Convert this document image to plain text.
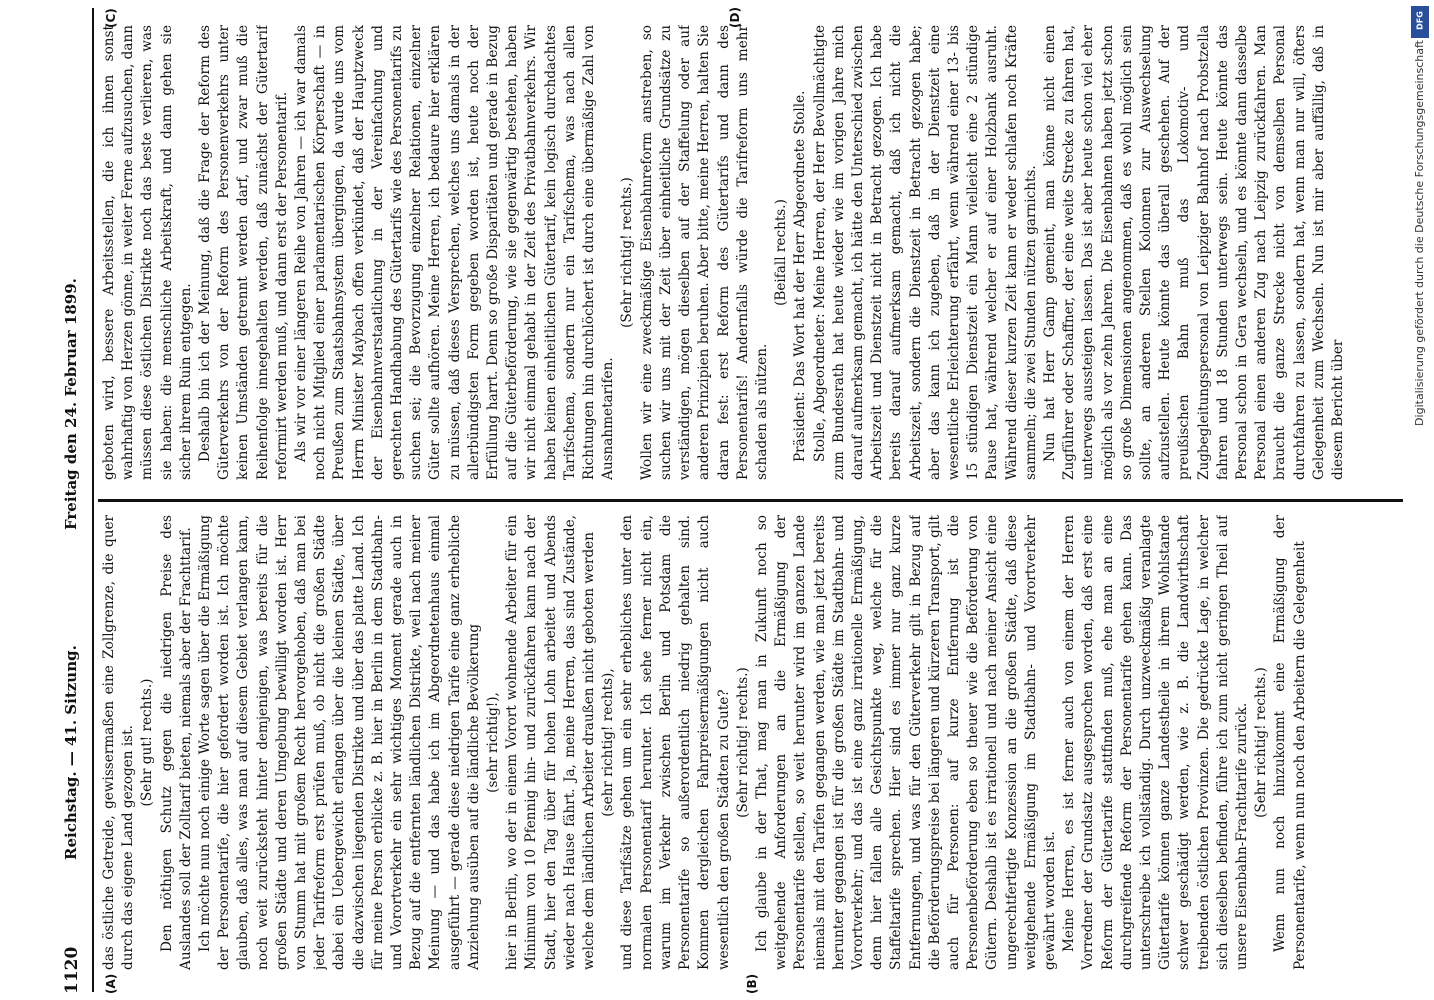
1120
Reichstag. — 41. Sitzung.
Freitag den 24. Februar 1899.
(A)	(B)
(C)	(D)

das östliche Getreide, gewissermaßen eine Zollgrenze, die quer durch das eigene Land gezogen ist. (Sehr gut! rechts.) Den nöthigen Schutz gegen die niedrigen Preise des Auslandes soll der Zolltarif bieten, niemals aber der Frachttarif. Ich möchte nun noch einige Worte sagen über die Ermäßigung der Personentarife, die hier gefordert worden ist. Ich möchte glauben, daß alles, was man auf diesem Gebiet verlangen kann, noch weit zurücksteht hinter demjenigen, was bereits für die großen Städte und deren Umgebung bewilligt worden ist. Herr von Stumm hat mit großem Recht hervorgehoben, daß man bei jeder Tarifreform erst prüfen muß, ob nicht die großen Städte dabei ein Uebergewicht erlangen über die kleinen Städte, über die dazwischen liegenden Distrikte und über das platte Land. Ich für meine Person erblicke z. B. hier in Berlin in dem Stadtbahn- und Vorortverkehr ein sehr wichtiges Moment gerade auch in Bezug auf die entfernten ländlichen Distrikte, weil nach meiner Meinung — und das habe ich im Abgeordnetenhaus einmal ausgeführt — gerade diese niedrigen Tarife eine ganz erhebliche Anziehung ausüben auf die ländliche Bevölkerung (sehr richtig!), hier in Berlin, wo der in einem Vorort wohnende Arbeiter für ein Minimum von 10 Pfennig hin- und zurückfahren kann nach der Stadt, hier den Tag über für hohen Lohn arbeitet und Abends wieder nach Hause fährt. Ja, meine Herren, das sind Zustände, welche dem ländlichen Arbeiter draußen nicht geboten werden (sehr richtig! rechts), und diese Tarifsätze gehen um ein sehr erhebliches unter den normalen Personentarif herunter. Ich sehe ferner nicht ein, warum im Verkehr zwischen Berlin und Potsdam die Personentarife so außerordentlich niedrig gehalten sind. Kommen dergleichen Fahrpreisermäßigungen nicht auch wesentlich den großen Städten zu Gute? (Sehr richtig! rechts.) Ich glaube in der That, mag man in Zukunft noch so weitgehende Anforderungen an die Ermäßigung der Personentarife stellen, so weit herunter wird im ganzen Lande niemals mit den Tarifen gegangen werden, wie man jetzt bereits herunter gegangen ist für die großen Städte im Stadtbahn- und Vorortverkehr; und das ist eine ganz irrationelle Ermäßigung, denn hier fallen alle Gesichtspunkte weg, welche für die Staffeltarife sprechen. Hier sind es immer nur ganz kurze Entfernungen, und was für den Güterverkehr gilt in Bezug auf die Beförderungspreise bei längeren und kürzeren Transport, gilt auch für Personen: auf kurze Entfernung ist die Personenbeförderung eben so theuer wie die Beförderung von Gütern. Deshalb ist es irrationell und nach meiner Ansicht eine ungerechtfertigte Konzession an die großen Städte, daß diese weitgehende Ermäßigung im Stadtbahn- und Vorortverkehr gewährt worden ist. Meine Herren, es ist ferner auch von einem der Herren Vorredner der Grundsatz ausgesprochen worden, daß erst eine Reform der Gütertarife stattfinden muß, ehe man an eine durchgreifende Reform der Personentarife gehen kann. Das unterschreibe ich vollständig. Durch unzweckmäßig veranlagte Gütertarife können ganze Landestheile in ihrem Wohlstande schwer geschädigt werden, wie z. B. die Landwirthschaft treibenden östlichen Provinzen. Die gedrückte Lage, in welcher sich dieselben befinden, führe ich zum nicht geringen Theil auf unsere Eisenbahn-Frachttarife zurück. (Sehr richtig! rechts.) Wenn nun noch hinzukommt eine Ermäßigung der Personentarife, wenn nun noch den Arbeitern die Gelegenheit

geboten wird, bessere Arbeitsstellen, die ich ihnen sonst wahrhaftig von Herzen gönne, in weiter Ferne aufzusuchen, dann müssen diese östlichen Distrikte noch das beste verlieren, was sie haben: die menschliche Arbeitskraft, und dann gehen sie sicher ihrem Ruin entgegen. Deshalb bin ich der Meinung, daß die Frage der Reform des Güterverkehrs von der Reform des Personenverkehrs unter keinen Umständen getrennt werden darf, und zwar muß die Reihenfolge innegehalten werden, daß zunächst der Gütertarif reformirt werden muß, und dann erst der Personentarif. Als wir vor einer längeren Reihe von Jahren — ich war damals noch nicht Mitglied einer parlamentarischen Körperschaft — in Preußen zum Staatsbahnsystem übergingen, da wurde uns vom Herrn Minister Maybach offen verkündet, daß der Hauptzweck der Eisenbahnverstaatlichung in der Vereinfachung und gerechten Handhabung des Gütertarifs wie des Personentarifs zu suchen sei; die Bevorzugung einzelner Relationen, einzelner Güter sollte aufhören. Meine Herren, ich bedaure hier erklären zu müssen, daß dieses Versprechen, welches uns damals in der allerbündigsten Form gegeben worden ist, heute noch der Erfüllung harrt. Denn so große Disparitäten und gerade in Bezug auf die Güterbeförderung, wie sie gegenwärtig bestehen, haben wir nicht einmal gehabt in der Zeit des Privatbahnverkehrs. Wir haben keinen einheitlichen Gütertarif, kein logisch durchdachtes Tarifschema, sondern nur ein Tarifschema, was nach allen Richtungen hin durchlöchert ist durch eine übermäßige Zahl von Ausnahmetarifen.

(Sehr richtig! rechts.) Wollen wir eine zweckmäßige Eisenbahnreform anstreben, so suchen wir uns mit der Zeit über einheitliche Grundsätze zu verständigen, mögen dieselben auf der Staffelung oder auf anderen Prinzipien beruhen. Aber bitte, meine Herren, halten Sie daran fest: erst Reform des Gütertarifs und dann des Personentarifs! Andernfalls würde die Tarifreform uns mehr schaden als nützen.

(Beifall rechts.) Präsident: Das Wort hat der Herr Abgeordnete Stolle. Stolle, Abgeordneter: Meine Herren, der Herr Bevollmächtigte zum Bundesrath hat heute wieder wie im vorigen Jahre mich darauf aufmerksam gemacht, ich hätte den Unterschied zwischen Arbeitszeit und Dienstzeit nicht in Betracht gezogen. Ich habe bereits darauf aufmerksam gemacht, daß ich nicht die Arbeitszeit, sondern die Dienstzeit in Betracht gezogen habe; aber das kann ich zugeben, daß in der Dienstzeit eine wesentliche Erleichterung erfährt, wenn während einer 13- bis 15 stündigen Dienstzeit ein Mann vielleicht eine 2 stündige Pause hat, während welcher er auf einer Holzbank ausruht. Während dieser kurzen Zeit kann er weder schlafen noch Kräfte sammeln; die zwei Stunden nützen garnichts. Nun hat Herr Gamp gemeint, man könne nicht einen Zugführer oder Schaffner, der eine weite Strecke zu fahren hat, unterwegs aussteigen lassen. Das ist aber heute schon viel eher möglich als vor zehn Jahren. Die Eisenbahnen haben jetzt schon so große Dimensionen angenommen, daß es wohl möglich sein sollte, an anderen Stellen Kolonnen zur Auswechselung aufzustellen. Heute könnte das überall geschehen. Auf der preußischen Bahn muß das Lokomotiv- und Zugbegleitungspersonal von Leipziger Bahnhof nach Probstzella fahren und 18 Stunden unterwegs sein. Heute könnte das Personal schon in Gera wechseln, und es könnte dann dasselbe Personal einen anderen Zug nach Leipzig zurückfahren. Man braucht die ganze Strecke nicht von demselben Personal durchfahren zu lassen, sondern hat, wenn man nur will, öfters Gelegenheit zum Wechseln. Nun ist mir aber auffällig, daß in diesem Bericht über	Digitalisierung gefördert durch die Deutsche Forschungsgemeinschaft
DFG
